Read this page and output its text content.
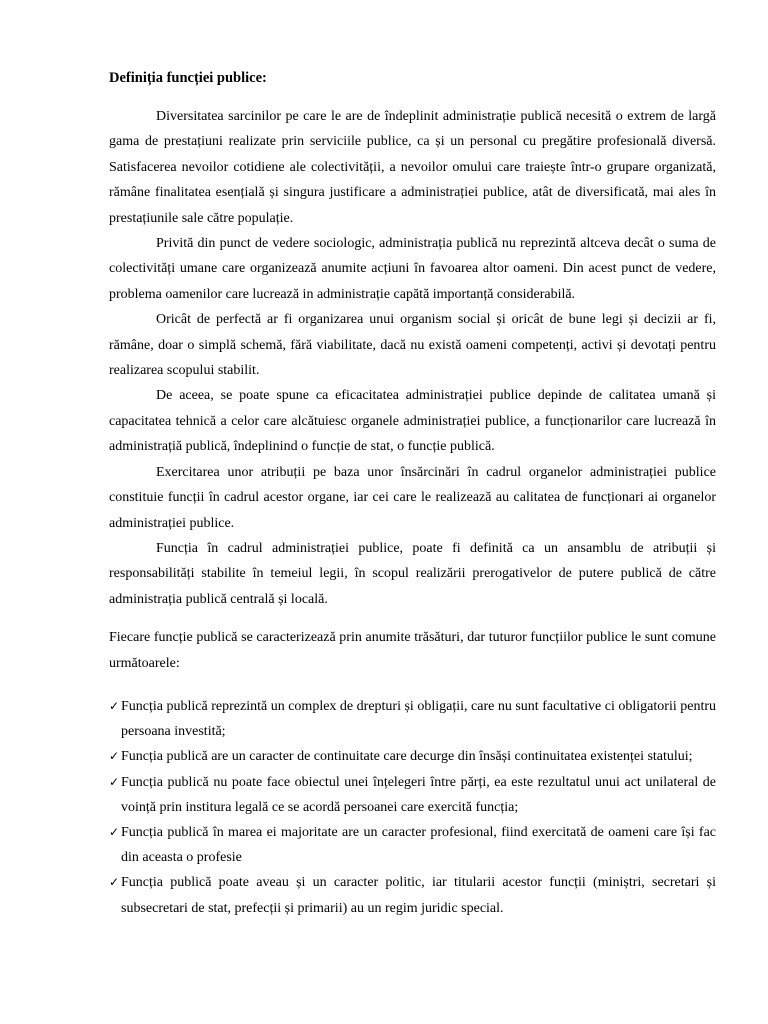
Definiția funcției publice:

Diversitatea sarcinilor pe care le are de îndeplinit administrație publică necesită o extrem de largă gama de prestațiuni realizate prin serviciile publice, ca și un personal cu pregătire profesională diversă. Satisfacerea nevoilor cotidiene ale colectivității, a nevoilor omului care traiește într-o grupare organizată, rămâne finalitatea esențială și singura justificare a administrației publice, atât de diversificată, mai ales în prestațiunile sale către populație.

Privită din punct de vedere sociologic, administrația publică nu reprezintă altceva decât o suma de colectivități umane care organizează anumite acțiuni în favoarea altor oameni. Din acest punct de vedere, problema oamenilor care lucrează in administrație capătă importanță considerabilă.

Oricât de perfectă ar fi organizarea unui organism social și oricât de bune legi și decizii ar fi, rămâne, doar o simplă schemă, fără viabilitate, dacă nu există oameni competenți, activi și devotați pentru realizarea scopului stabilit.

De aceea, se poate spune ca eficacitatea administrației publice depinde de calitatea umană și capacitatea tehnică a celor care alcătuiesc organele administrației publice, a funcționarilor care lucrează în administrațiă publică, îndeplinind o funcție de stat, o funcție publică.

Exercitarea unor atribuții pe baza unor însărcinări în cadrul organelor administrației publice constituie funcții în cadrul acestor organe, iar cei care le realizează au calitatea de funcționari ai organelor administrației publice.

Funcția în cadrul administrației publice, poate fi definită ca un ansamblu de atribuții și responsabilități stabilite în temeiul legii, în scopul realizării prerogativelor de putere publică de către administrația publică centrală și locală.

Fiecare funcție publică se caracterizează prin anumite trăsături, dar tuturor funcțiilor publice le sunt comune următoarele:

✓ Funcția publică reprezintă un complex de drepturi și obligații, care nu sunt facultative ci obligatorii pentru persoana investită;
✓ Funcția publică are un caracter de continuitate care decurge din însăși continuitatea existenței statului;
✓ Funcția publică nu poate face obiectul unei înțelegeri între părți, ea este rezultatul unui act unilateral de voință prin institura legală ce se acordă persoanei care exercită funcția;
✓ Funcția publică în marea ei majoritate are un caracter profesional, fiind exercitată de oameni care își fac din aceasta o profesie
✓ Funcția publică poate aveau și un caracter politic, iar titularii acestor funcții (miniștri, secretari și subsecretari de stat, prefecții și primarii) au un regim juridic special.
